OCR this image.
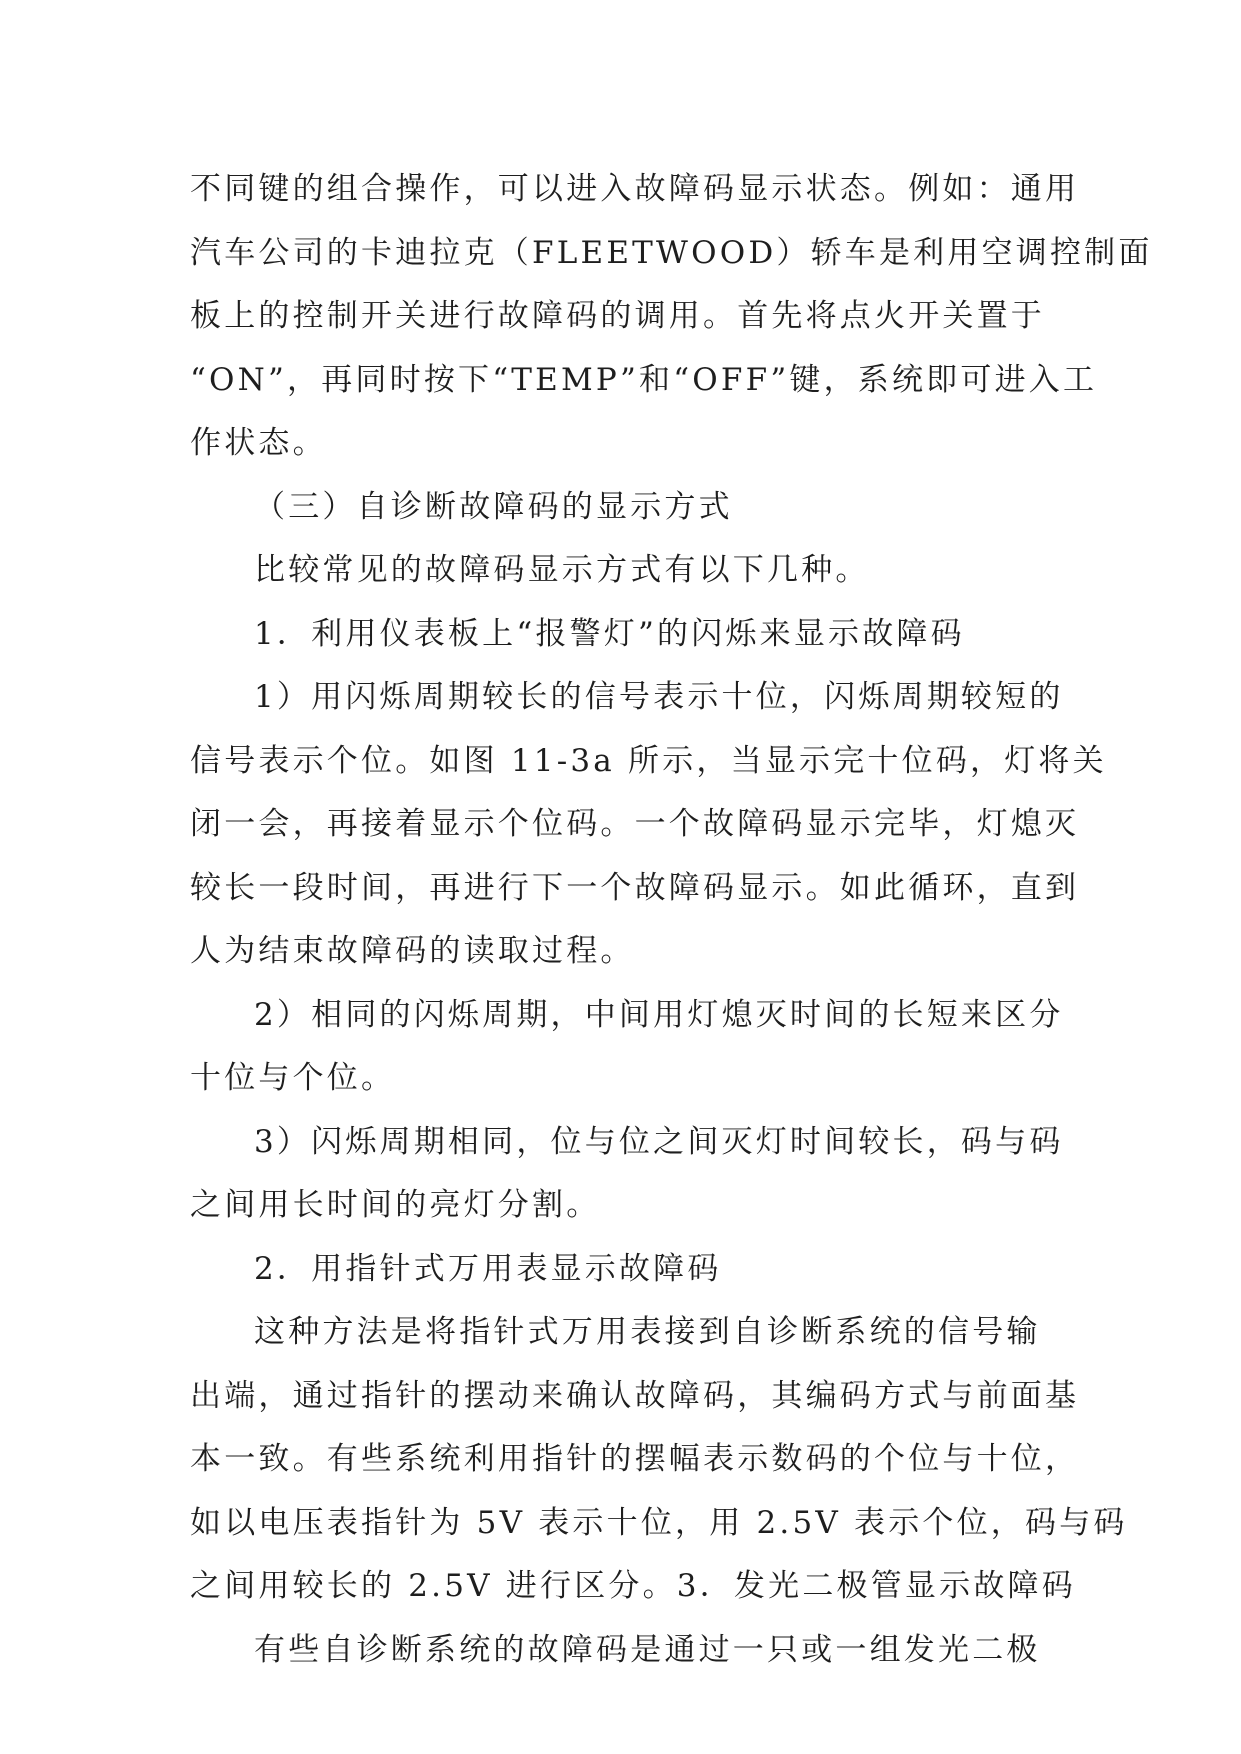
不同键的组合操作，可以进入故障码显示状态。例如：通用
汽车公司的卡迪拉克（FLEETWOOD）轿车是利用空调控制面
板上的控制开关进行故障码的调用。首先将点火开关置于
“ON”，再同时按下“TEMP”和“OFF”键，系统即可进入工
作状态。
（三）自诊断故障码的显示方式
比较常见的故障码显示方式有以下几种。
1．利用仪表板上“报警灯”的闪烁来显示故障码
1）用闪烁周期较长的信号表示十位，闪烁周期较短的
信号表示个位。如图 11-3a 所示，当显示完十位码，灯将关
闭一会，再接着显示个位码。一个故障码显示完毕，灯熄灭
较长一段时间，再进行下一个故障码显示。如此循环，直到
人为结束故障码的读取过程。
2）相同的闪烁周期，中间用灯熄灭时间的长短来区分
十位与个位。
3）闪烁周期相同，位与位之间灭灯时间较长，码与码
之间用长时间的亮灯分割。
2．用指针式万用表显示故障码
这种方法是将指针式万用表接到自诊断系统的信号输
出端，通过指针的摆动来确认故障码，其编码方式与前面基
本一致。有些系统利用指针的摆幅表示数码的个位与十位，
如以电压表指针为 5V 表示十位，用 2.5V 表示个位，码与码
之间用较长的 2.5V 进行区分。3．发光二极管显示故障码
有些自诊断系统的故障码是通过一只或一组发光二极
